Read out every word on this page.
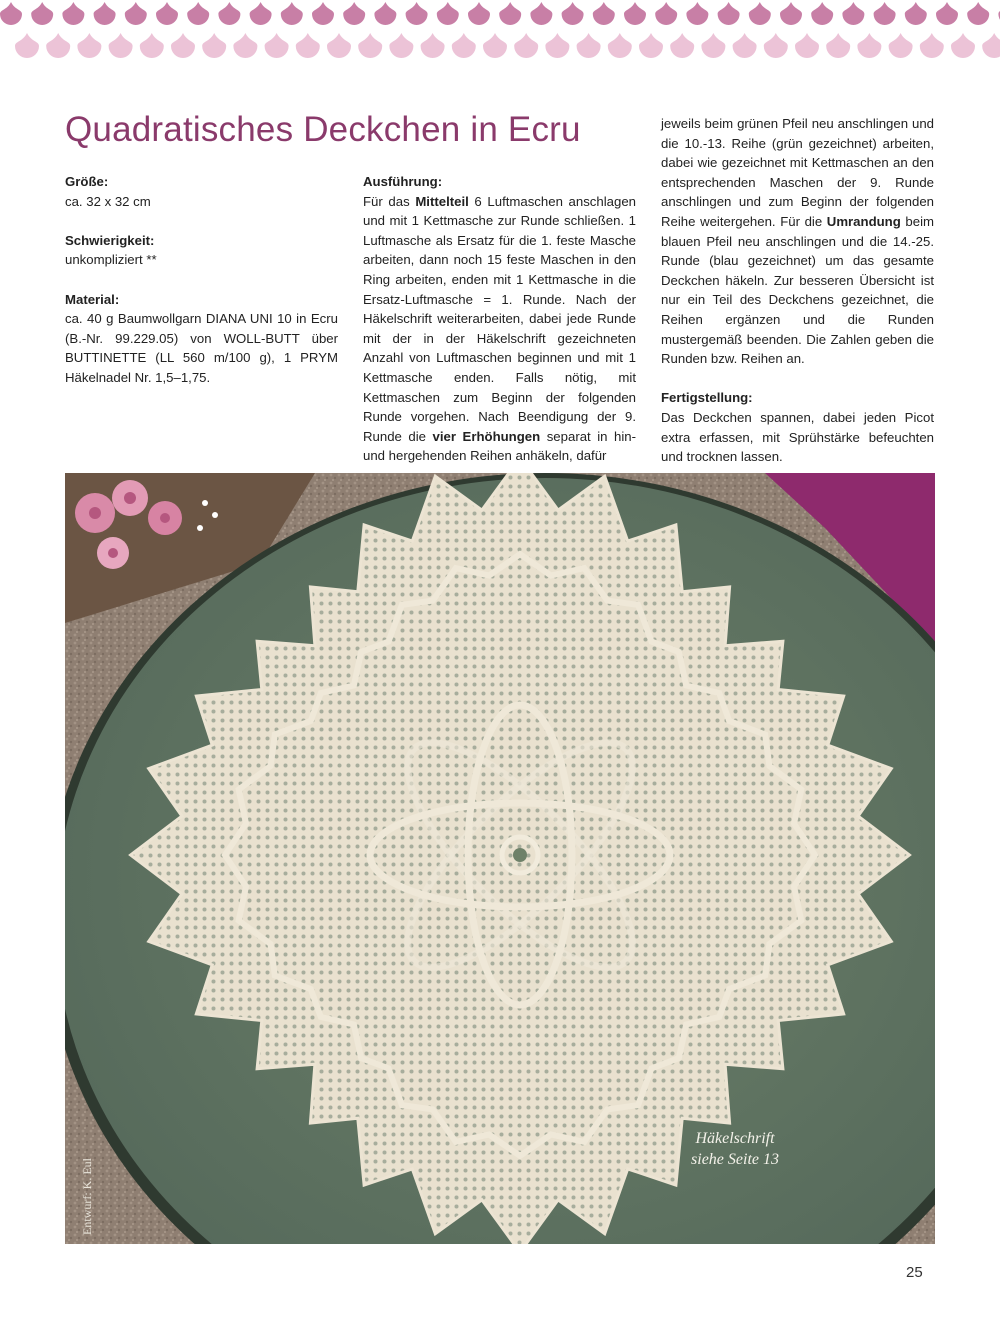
Quadratisches Deckchen in Ecru

Größe:

ca. 32 x 32 cm

Schwierigkeit:

unkompliziert **

Material:

ca. 40 g Baumwollgarn DIANA UNI 10 in Ecru (B.-Nr. 99.229.05) von WOLL-BUTT über BUTTINETTE (LL 560 m/100 g), 1 PRYM Häkelnadel Nr. 1,5–1,75.

Ausführung:

Für das Mittelteil 6 Luftmaschen anschlagen und mit 1 Kettmasche zur Runde schließen. 1 Luftmasche als Ersatz für die 1. feste Masche arbeiten, dann noch 15 feste Maschen in den Ring arbeiten, enden mit 1 Kettmasche in die Ersatz-Luftmasche = 1. Runde. Nach der Häkelschrift weiterarbeiten, dabei jede Runde mit der in der Häkelschrift gezeichneten Anzahl von Luftmaschen beginnen und mit 1 Kettmasche enden. Falls nötig, mit Kettmaschen zum Beginn der folgenden Runde vorgehen. Nach Beendigung der 9. Runde die vier Erhöhungen separat in hin- und hergehenden Reihen anhäkeln, dafür

jeweils beim grünen Pfeil neu anschlingen und die 10.-13. Reihe (grün gezeichnet) arbeiten, dabei wie gezeichnet mit Kettmaschen an den entsprechenden Maschen der 9. Runde anschlingen und zum Beginn der folgenden Reihe weitergehen. Für die Umrandung beim blauen Pfeil neu anschlingen und die 14.-25. Runde (blau gezeichnet) um das gesamte Deckchen häkeln. Zur besseren Übersicht ist nur ein Teil des Deckchens gezeichnet, die Reihen ergänzen und die Runden mustergemäß beenden. Die Zahlen geben die Runden bzw. Reihen an.

Fertigstellung:

Das Deckchen spannen, dabei jeden Picot extra erfassen, mit Sprühstärke befeuchten und trocknen lassen.

Häkelschrift
siehe Seite 13
Entwurf: K. Eul
25
